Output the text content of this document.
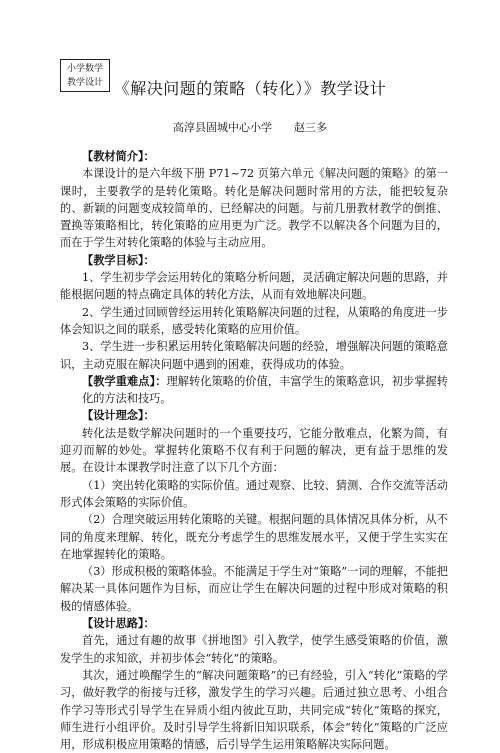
小学数学
教学设计 《解决问题的策略（转化）》教学设计
高淳县固城中心小学 赵三多

【教材简介】：

本课设计的是六年级下册 P71~72 页第六单元《解决问题的策略》的第一课时，主要教学的是转化策略。转化是解决问题时常用的方法，能把较复杂的、新颖的问题变成较简单的、已经解决的问题。与前几册教材教学的倒推、置换等策略相比，转化策略的应用更为广泛。教学不以解决各个问题为目的，而在于学生对转化策略的体验与主动应用。

【教学目标】：

1、学生初步学会运用转化的策略分析问题，灵活确定解决问题的思路，并能根据问题的特点确定具体的转化方法，从而有效地解决问题。

2、学生通过回顾曾经运用转化策略解决问题的过程，从策略的角度进一步体会知识之间的联系，感受转化策略的应用价值。

3、学生进一步积累运用转化策略解决问题的经验，增强解决问题的策略意识，主动克服在解决问题中遇到的困难，获得成功的体验。

【教学重难点】：理解转化策略的价值，丰富学生的策略意识，初步掌握转化的方法和技巧。

【设计理念】：

转化法是数学解决问题时的一个重要技巧，它能分散难点，化繁为简，有迎刃而解的妙处。掌握转化策略不仅有利于问题的解决，更有益于思维的发展。在设计本课教学时注意了以下几个方面：

（1）突出转化策略的实际价值。通过观察、比较、猜测、合作交流等活动形式体会策略的实际价值。

（2）合理突破运用转化策略的关键。根据问题的具体情况具体分析，从不同的角度来理解、转化，既充分考虑学生的思维发展水平，又便于学生实实在在地掌握转化的策略。

（3）形成积极的策略体验。不能满足于学生对“策略”一词的理解，不能把解决某一具体问题作为目标，而应让学生在解决问题的过程中形成对策略的积极的情感体验。

【设计思路】：

首先，通过有趣的故事《拼地图》引入教学，使学生感受策略的价值，激发学生的求知欲，并初步体会“转化”的策略。

其次，通过唤醒学生的“解决问题策略”的已有经验，引入“转化”策略的学习，做好教学的衔接与迁移，激发学生的学习兴趣。后通过独立思考、小组合作学习等形式引导学生在异质小组内彼此互助，共同完成“转化”策略的探究，师生进行小组评价。及时引导学生将新旧知识联系，体会“转化”策略的广泛应用，形成积极应用策略的情感，后引导学生运用策略解决实际问题。
